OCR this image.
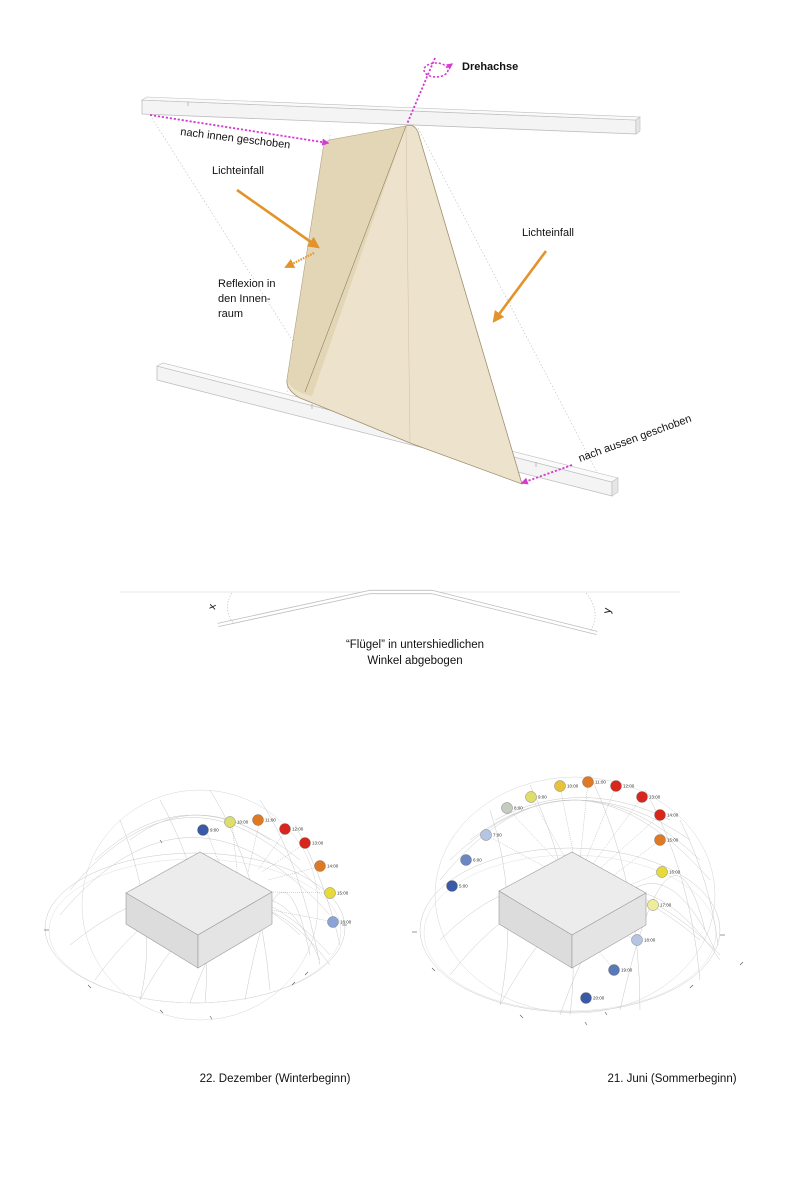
Drehachse
nach innen geschoben
nach aussen geschoben
Lichteinfall
Reflexion in
den Innen-
raum
Lichteinfall
x
y
“Flügel” in untershiedlichen
Winkel abgebogen
9:00
10:00	11:00
12:00
13:00
14:00
15:00
16:00
22. Dezember (Winterbeginn)
5:00
6:00
7:00
8:00
9:00
10:00
11:00
12:00
13:00
14:00
15:00
16:00
17:00
18:00
19:00
20:00
21. Juni (Sommerbeginn)
